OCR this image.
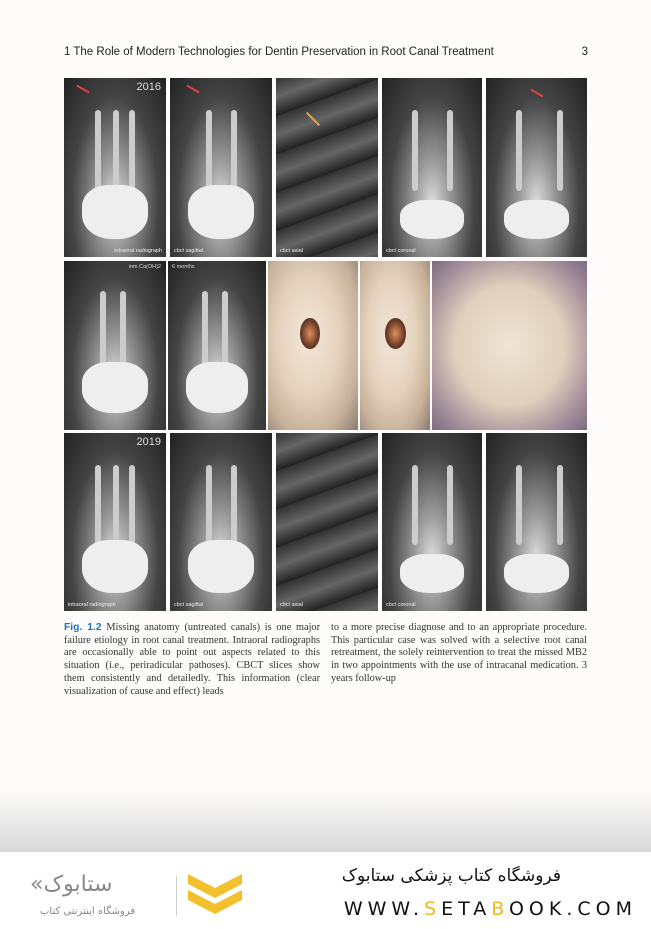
1 The Role of Modern Technologies for Dentin Preservation in Root Canal Treatment	3
2016
intraoral radiograph cbct sagittal	cbct axial	cbct coronal
inm Ca(OH)2 6 months
2019
intraoral radiograph	cbct sagittal	cbct axial	cbct coronal
Fig. 1.2 Missing anatomy (untreated canals) is one major failure etiology in root canal treatment. Intraoral radiographs are occasionally able to point out aspects related to this situation (i.e., periradicular pathoses). CBCT slices show them consistently and detailedly. This information (clear visualization of cause and effect) leads
to a more precise diagnose and to an appropriate procedure. This particular case was solved with a selective root canal retreatment, the solely reintervention to treat the missed MB2 in two appointments with the use of intracanal medication. 3 years follow-up
«ستابوک
فروشگاه اینترنتی کتاب
فروشگاه کتاب پزشکی ستابوک
WWW.SETABOOK.COM
